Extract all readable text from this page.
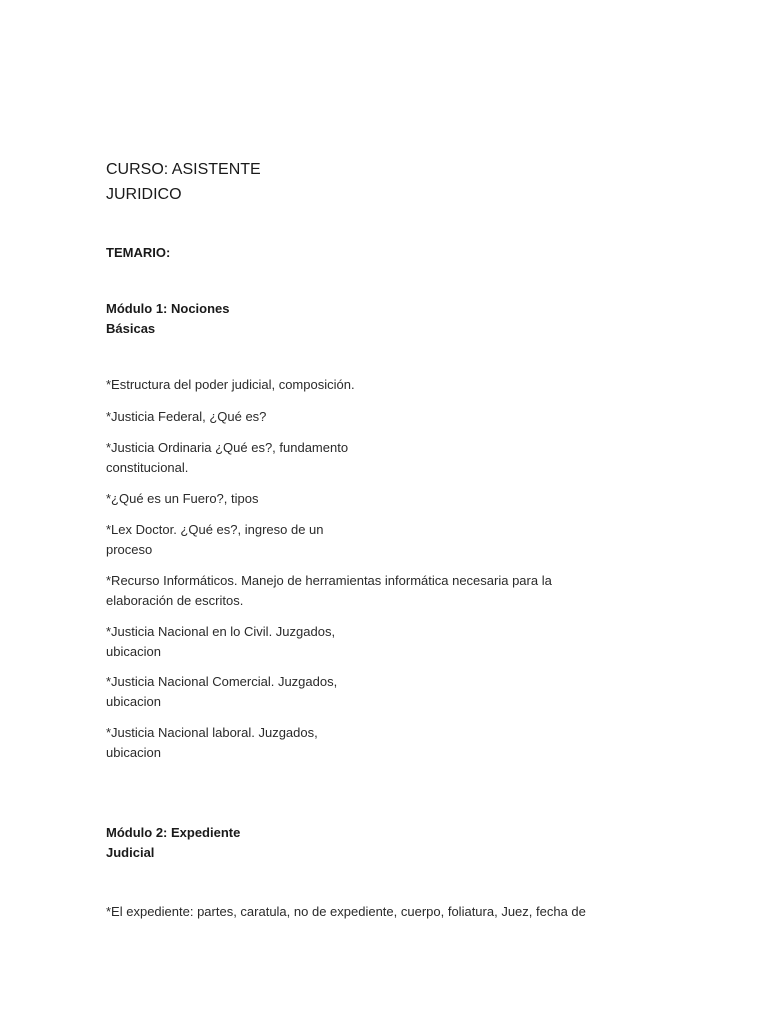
CURSO: ASISTENTE
JURIDICO

TEMARIO:

Módulo 1: Nociones
Básicas

*Estructura del poder judicial, composición.

*Justicia Federal, ¿Qué es?

*Justicia Ordinaria ¿Qué es?, fundamento
constitucional.

*¿Qué es un Fuero?, tipos

*Lex Doctor. ¿Qué es?, ingreso de un
proceso

*Recurso Informáticos. Manejo de herramientas informática necesaria para la
elaboración de escritos.

*Justicia Nacional en lo Civil. Juzgados,
ubicacion

*Justicia Nacional Comercial. Juzgados,
ubicacion

*Justicia Nacional laboral. Juzgados,
ubicacion

Módulo 2: Expediente
Judicial

*El expediente: partes, caratula, no de expediente, cuerpo, foliatura, Juez, fecha de
